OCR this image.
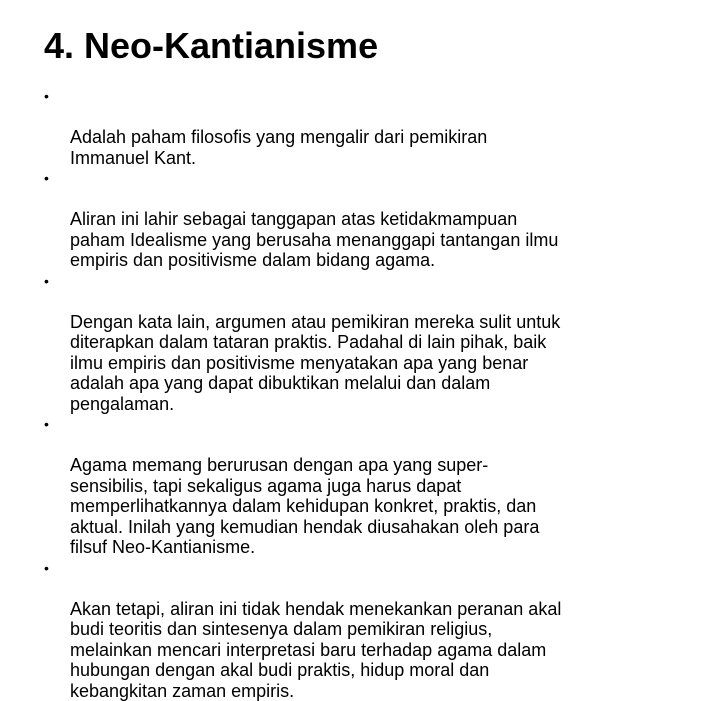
4. Neo-Kantianisme

•

Adalah paham filosofis yang mengalir dari pemikiran
Immanuel Kant.

•

Aliran ini lahir sebagai tanggapan atas ketidakmampuan
paham Idealisme yang berusaha menanggapi tantangan ilmu
empiris dan positivisme dalam bidang agama.

•

Dengan kata lain, argumen atau pemikiran mereka sulit untuk
diterapkan dalam tataran praktis. Padahal di lain pihak, baik
ilmu empiris dan positivisme menyatakan apa yang benar
adalah apa yang dapat dibuktikan melalui dan dalam
pengalaman.

•

Agama memang berurusan dengan apa yang super-
sensibilis, tapi sekaligus agama juga harus dapat
memperlihatkannya dalam kehidupan konkret, praktis, dan
aktual. Inilah yang kemudian hendak diusahakan oleh para
filsuf Neo-Kantianisme.

•

Akan tetapi, aliran ini tidak hendak menekankan peranan akal
budi teoritis dan sintesenya dalam pemikiran religius,
melainkan mencari interpretasi baru terhadap agama dalam
hubungan dengan akal budi praktis, hidup moral dan
kebangkitan zaman empiris.
